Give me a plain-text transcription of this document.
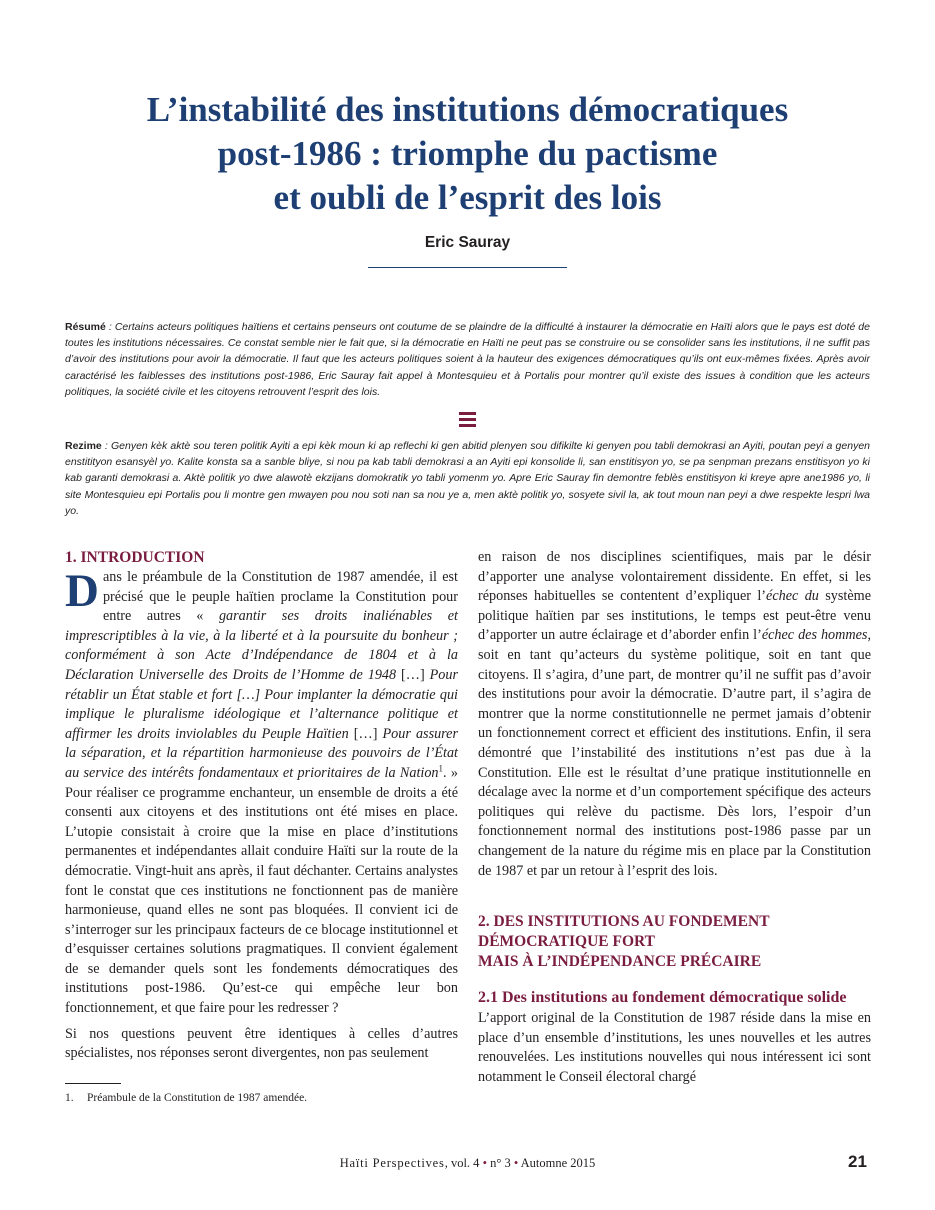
L’instabilité des institutions démocratiques
post-1986 : triomphe du pactisme
et oubli de l’esprit des lois
Eric Sauray
Résumé : Certains acteurs politiques haïtiens et certains penseurs ont coutume de se plaindre de la difficulté à instaurer la démocratie en Haïti alors que le pays est doté de toutes les institutions nécessaires. Ce constat semble nier le fait que, si la démocratie en Haïti ne peut pas se construire ou se consolider sans les institutions, il ne suffit pas d’avoir des institutions pour avoir la démocratie. Il faut que les acteurs politiques soient à la hauteur des exigences démocratiques qu’ils ont eux-mêmes fixées. Après avoir caractérisé les faiblesses des institutions post-1986, Eric Sauray fait appel à Montesquieu et à Portalis pour montrer qu’il existe des issues à condition que les acteurs politiques, la société civile et les citoyens retrouvent l’esprit des lois.
Rezime : Genyen kèk aktè sou teren politik Ayiti a epi kèk moun ki ap reflechi ki gen abitid plenyen sou difikilte ki genyen pou tabli demokrasi an Ayiti, poutan peyi a genyen enstitityon esansyèl yo. Kalite konsta sa a sanble bliye, si nou pa kab tabli demokrasi a an Ayiti epi konsolide li, san enstitisyon yo, se pa senpman prezans enstitisyon yo ki kab garanti demokrasi a. Aktè politik yo dwe alawotè ekzijans domokratik yo tabli yomenm yo. Apre Eric Sauray fin demontre feblès enstitisyon ki kreye apre ane1986 yo, li site Montesquieu epi Portalis pou li montre gen mwayen pou nou soti nan sa nou ye a, men aktè politik yo, sosyete sivil la, ak tout moun nan peyi a dwe respekte lespri lwa yo.

1. INTRODUCTION

Dans le préambule de la Constitution de 1987 amendée, il est précisé que le peuple haïtien proclame la Constitution pour entre autres « garantir ses droits inaliénables et imprescriptibles à la vie, à la liberté et à la poursuite du bonheur ; conformément à son Acte d’Indépendance de 1804 et à la Déclaration Universelle des Droits de l’Homme de 1948 […] Pour rétablir un État stable et fort […] Pour implanter la démocratie qui implique le pluralisme idéologique et l’alternance politique et affirmer les droits inviolables du Peuple Haïtien […] Pour assurer la séparation, et la répartition harmonieuse des pouvoirs de l’État au service des intérêts fondamentaux et prioritaires de la Nation$^1$. » Pour réaliser ce programme enchanteur, un ensemble de droits a été consenti aux citoyens et des institutions ont été mises en place. L’utopie consistait à croire que la mise en place d’institutions permanentes et indépendantes allait conduire Haïti sur la route de la démocratie. Vingt-huit ans après, il faut déchanter. Certains analystes font le constat que ces institutions ne fonctionnent pas de manière harmonieuse, quand elles ne sont pas bloquées. Il convient ici de s’interroger sur les principaux facteurs de ce blocage institutionnel et d’esquisser certaines solutions pragmatiques. Il convient également de se demander quels sont les fondements démocratiques des institutions post-1986. Qu’est-ce qui empêche leur bon fonctionnement, et que faire pour les redresser ?

Si nos questions peuvent être identiques à celles d’autres spécialistes, nos réponses seront divergentes, non pas seulement

en raison de nos disciplines scientifiques, mais par le désir d’apporter une analyse volontairement dissidente. En effet, si les réponses habituelles se contentent d’expliquer l’échec du système politique haïtien par ses institutions, le temps est peut-être venu d’apporter un autre éclairage et d’aborder enfin l’échec des hommes, soit en tant qu’acteurs du système politique, soit en tant que citoyens. Il s’agira, d’une part, de montrer qu’il ne suffit pas d’avoir des institutions pour avoir la démocratie. D’autre part, il s’agira de montrer que la norme constitutionnelle ne permet jamais d’obtenir un fonctionnement correct et efficient des institutions. Enfin, il sera démontré que l’instabilité des institutions n’est pas due à la Constitution. Elle est le résultat d’une pratique institutionnelle en décalage avec la norme et d’un comportement spécifique des acteurs politiques qui relève du pactisme. Dès lors, l’espoir d’un fonctionnement normal des institutions post-1986 passe par un changement de la nature du régime mis en place par la Constitution de 1987 et par un retour à l’esprit des lois.

2. DES INSTITUTIONS AU FONDEMENT
DÉMOCRATIQUE FORT
MAIS À L’INDÉPENDANCE PRÉCAIRE

2.1 Des institutions au fondement démocratique solide

L’apport original de la Constitution de 1987 réside dans la mise en place d’un ensemble d’institutions, les unes nouvelles et les autres renouvelées. Les institutions nouvelles qui nous intéressent ici sont notamment le Conseil électoral chargé

1. Préambule de la Constitution de 1987 amendée.
Haïti Perspectives, vol. 4 • n° 3 • Automne 2015	21
